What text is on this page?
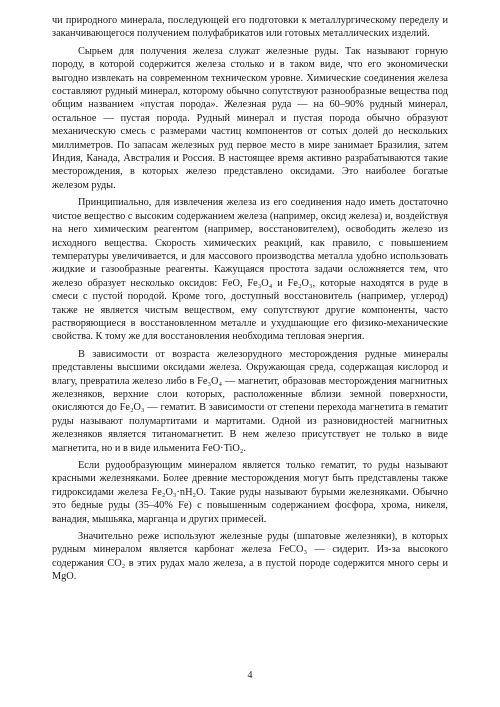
чи природного минерала, последующей его подготовки к металлургическому переделу и заканчивающегося получением полуфабрикатов или готовых металлических изделий.

Сырьем для получения железа служат железные руды. Так называют горную породу, в которой содержится железа столько и в таком виде, что его экономически выгодно извлекать на современном техническом уровне. Химические соединения железа составляют рудный минерал, которому обычно сопутствуют разнообразные вещества под общим названием «пустая порода». Железная руда — на 60–90% рудный минерал, остальное — пустая порода. Рудный минерал и пустая порода обычно образуют механическую смесь с размерами частиц компонентов от сотых долей до нескольких миллиметров. По запасам железных руд первое место в мире занимает Бразилия, затем Индия, Канада, Австралия и Россия. В настоящее время активно разрабатываются такие месторождения, в которых железо представлено оксидами. Это наиболее богатые железом руды.

Принципиально, для извлечения железа из его соединения надо иметь достаточно чистое вещество с высоким содержанием железа (например, оксид железа) и, воздействуя на него химическим реагентом (например, восстановителем), освободить железо из исходного вещества. Скорость химических реакций, как правило, с повышением температуры увеличивается, и для массового производства металла удобно использовать жидкие и газообразные реагенты. Кажущаяся простота задачи осложняется тем, что железо образует несколько оксидов: FeO, Fe₃O₄ и Fe₂O₃, которые находятся в руде в смеси с пустой породой. Кроме того, доступный восстановитель (например, углерод) также не является чистым веществом, ему сопутствуют другие компоненты, часто растворяющиеся в восстановленном металле и ухудшающие его физико-механические свойства. К тому же для восстановления необходима тепловая энергия.

В зависимости от возраста железорудного месторождения рудные минералы представлены высшими оксидами железа. Окружающая среда, содержащая кислород и влагу, превратила железо либо в Fe₃O₄ — магнетит, образовав месторождения магнитных железняков, верхние слои которых, расположенные вблизи земной поверхности, окисляются до Fe₂O₃ — гематит. В зависимости от степени перехода магнетита в гематит руды называют полумартитами и мартитами. Одной из разновидностей магнитных железняков является титаномагнетит. В нем железо присутствует не только в виде магнетита, но и в виде ильменита FeO·TiO₂.

Если рудообразующим минералом является только гематит, то руды называют красными железняками. Более древние месторождения могут быть представлены также гидроксидами железа Fe₂O₃·nH₂O. Такие руды называют бурыми железняками. Обычно это бедные руды (35–40% Fe) с повышенным содержанием фосфора, хрома, никеля, ванадия, мышьяка, марганца и других примесей.

Значительно реже используют железные руды (шпатовые железняки), в которых рудным минералом является карбонат железа FeCO₃ — сидерит. Из-за высокого содержания CO₂ в этих рудах мало железа, а в пустой породе содержится много серы и MgO.

4
